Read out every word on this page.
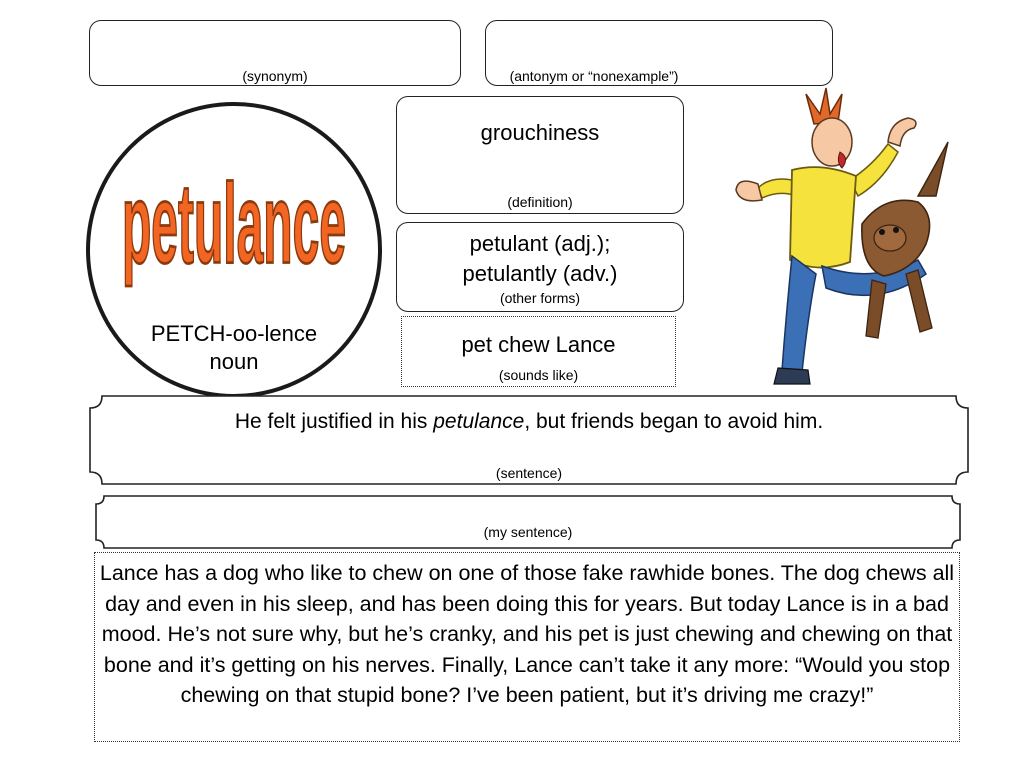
(synonym)	(antonym or “nonexample”)
petulance
PETCH-oo-lence
noun
grouchiness
(definition)
petulant (adj.);
petulantly (adv.)
(other forms)
pet chew Lance
(sounds like)
He felt justified in his petulance, but friends began to avoid him.
(sentence)
(my sentence)
Lance has a dog who like to chew on one of those fake rawhide bones. The dog chews all day and even in his sleep, and has been doing this for years. But today Lance is in a bad mood. He’s not sure why, but he’s cranky, and his pet is just chewing and chewing on that bone and it’s getting on his nerves. Finally, Lance can’t take it any more: “Would you stop chewing on that stupid bone? I’ve been patient, but it’s driving me crazy!”
